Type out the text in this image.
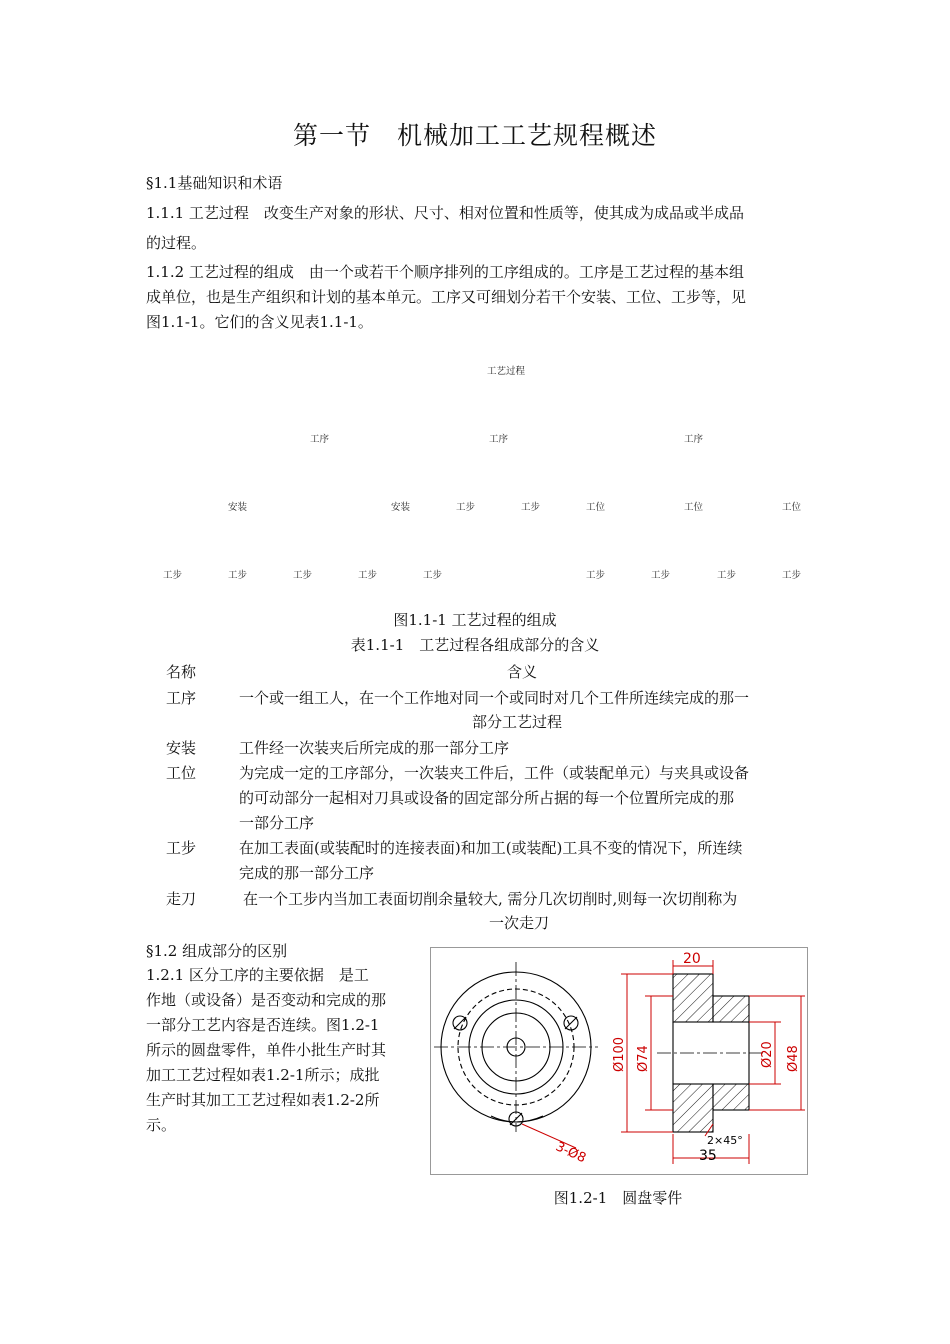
第一节　机械加工工艺规程概述
§1.1基础知识和术语
1.1.1 工艺过程　改变生产对象的形状、尺寸、相对位置和性质等，使其成为成品或半成品
的过程。
1.1.2 工艺过程的组成　由一个或若干个顺序排列的工序组成的。工序是工艺过程的基本组
成单位，也是生产组织和计划的基本单元。工序又可细划分若干个安装、工位、工步等，见
图1.1-1。它们的含义见表1.1-1。
工艺过程
工序	工序	工序
安装	安装	工步	工步	工位	工位	工位
工步	工步	工步	工步	工步	工步	工步	工步	工步
图1.1-1 工艺过程的组成
表1.1-1　工艺过程各组成部分的含义
名称	含义
工序	一个或一组工人，在一个工作地对同一个或同时对几个工件所连续完成的那一
部分工艺过程
安装	工件经一次装夹后所完成的那一部分工序
工位	为完成一定的工序部分，一次装夹工件后，工件（或装配单元）与夹具或设备
的可动部分一起相对刀具或设备的固定部分所占据的每一个位置所完成的那
一部分工序
工步	在加工表面(或装配时的连接表面)和加工(或装配)工具不变的情况下，所连续
完成的那一部分工序
走刀	在一个工步内当加工表面切削余量较大, 需分几次切削时,则每一次切削称为
一次走刀
§1.2 组成部分的区别
1.2.1 区分工序的主要依据　是工
作地（或设备）是否变动和完成的那
一部分工艺内容是否连续。图1.2-1
所示的圆盘零件，单件小批生产时其
加工工艺过程如表1.2-1所示；成批
生产时其加工工艺过程如表1.2-2所
示。
3-Ø8
20
Ø100 Ø74	Ø20 Ø48
2×45°
35
图1.2-1　圆盘零件
